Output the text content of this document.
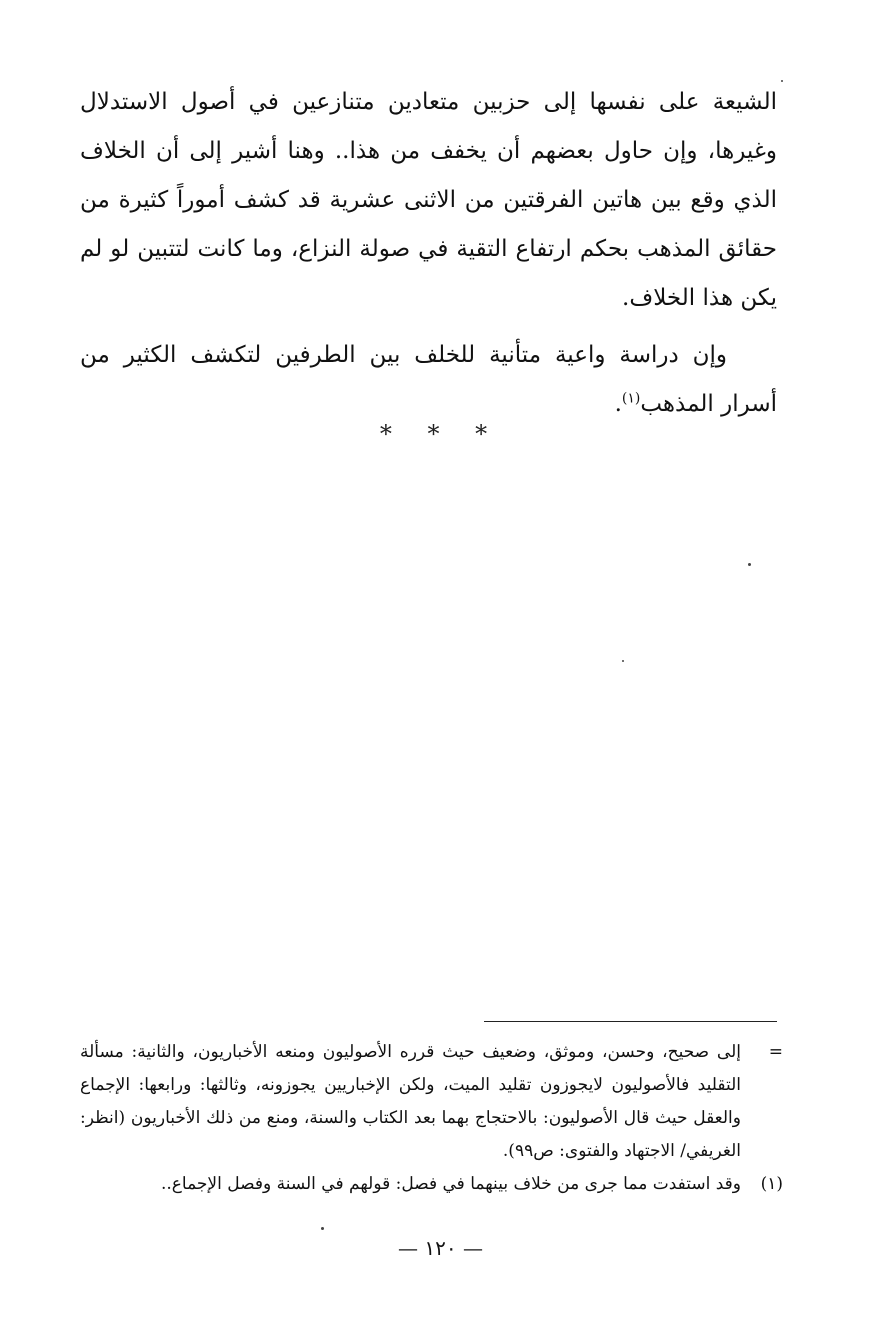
الشيعة على نفسها إلى حزبين متعادين متنازعين في أصول الاستدلال وغيرها، وإن حاول بعضهم أن يخفف من هذا.. وهنا أشير إلى أن الخلاف الذي وقع بين هاتين الفرقتين من الاثنى عشرية قد كشف أموراً كثيرة من حقائق المذهب بحكم ارتفاع التقية في صولة النزاع، وما كانت لتتبين لو لم يكن هذا الخلاف.

وإن دراسة واعية متأنية للخلف بين الطرفين لتكشف الكثير من أسرار المذهب$^{(١)}$.

* * *
=
إلى صحيح، وحسن، وموثق، وضعيف حيث قرره الأصوليون ومنعه الأخباريون، والثانية: مسألة التقليد فالأصوليون لايجوزون تقليد الميت، ولكن الإخباريين يجوزونه، وثالثها: ورابعها: الإجماع والعقل حيث قال الأصوليون: بالاحتجاج بهما بعد الكتاب والسنة، ومنع من ذلك الأخباريون (انظر: الغريفي/ الاجتهاد والفتوى: ص٩٩).
(١)
وقد استفدت مما جرى من خلاف بينهما في فصل: قولهم في السنة وفصل الإجماع..
— ١٢٠ —
